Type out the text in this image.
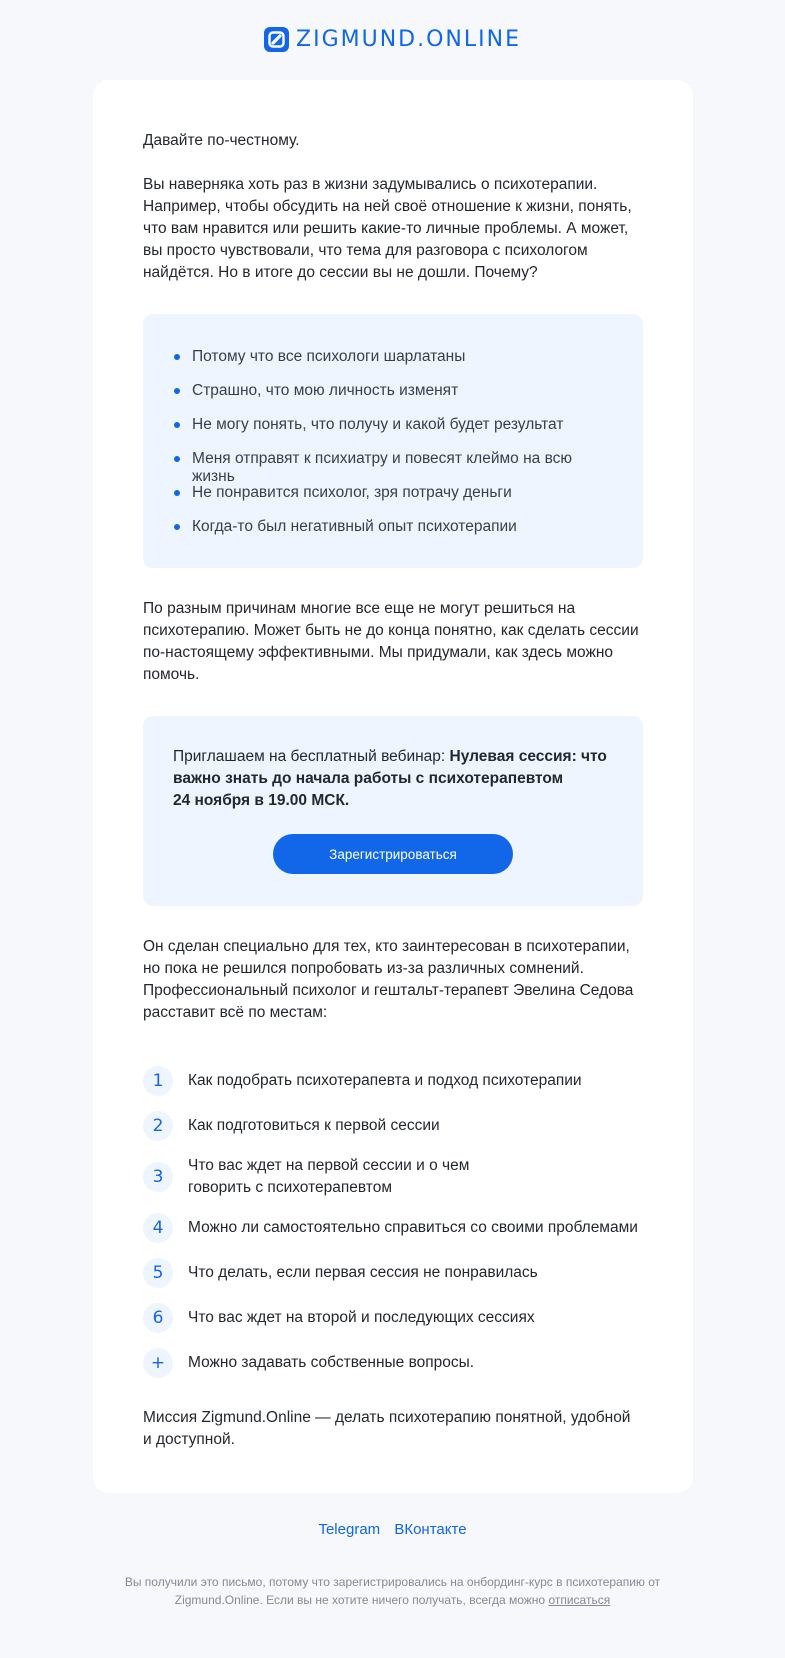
ZIGMUND.ONLINE

Давайте по-честному.

Вы наверняка хоть раз в жизни задумывались о психотерапии. Например, чтобы обсудить на ней своё отношение к жизни, понять, что вам нравится или решить какие-то личные проблемы. А может, вы просто чувствовали, что тема для разговора с психологом найдётся. Но в итоге до сессии вы не дошли. Почему?

Потому что все психологи шарлатаны
Страшно, что мою личность изменят
Не могу понять, что получу и какой будет результат
Меня отправят к психиатру и повесят клеймо на всю жизнь
Не понравится психолог, зря потрачу деньги
Когда-то был негативный опыт психотерапии

По разным причинам многие все еще не могут решиться на психотерапию. Может быть не до конца понятно, как сделать сессии по-настоящему эффективными. Мы придумали, как здесь можно помочь.

Приглашаем на бесплатный вебинар: Нулевая сессия: что важно знать до начала работы с психотерапевтом
24 ноября в 19.00 МСК.

Зарегистрироваться

Он сделан специально для тех, кто заинтересован в психотерапии, но пока не решился попробовать из-за различных сомнений. Профессиональный психолог и гештальт-терапевт Эвелина Седова расставит всё по местам:

1	Как подобрать психотерапевта и подход психотерапии
2	Как подготовиться к первой сессии
3
Что вас ждет на первой сессии и о чем говорить с психотерапевтом
4	Можно ли самостоятельно справиться со своими проблемами
5	Что делать, если первая сессия не понравилась
6	Что вас ждет на второй и последующих сессиях
+	Можно задавать собственные вопросы.

Миссия Zigmund.Online — делать психотерапию понятной, удобной и доступной.

Telegram ВКонтакте
Вы получили это письмо, потому что зарегистрировались на онбординг-курс в психотерапию от Zigmund.Online. Если вы не хотите ничего получать, всегда можно отписаться
